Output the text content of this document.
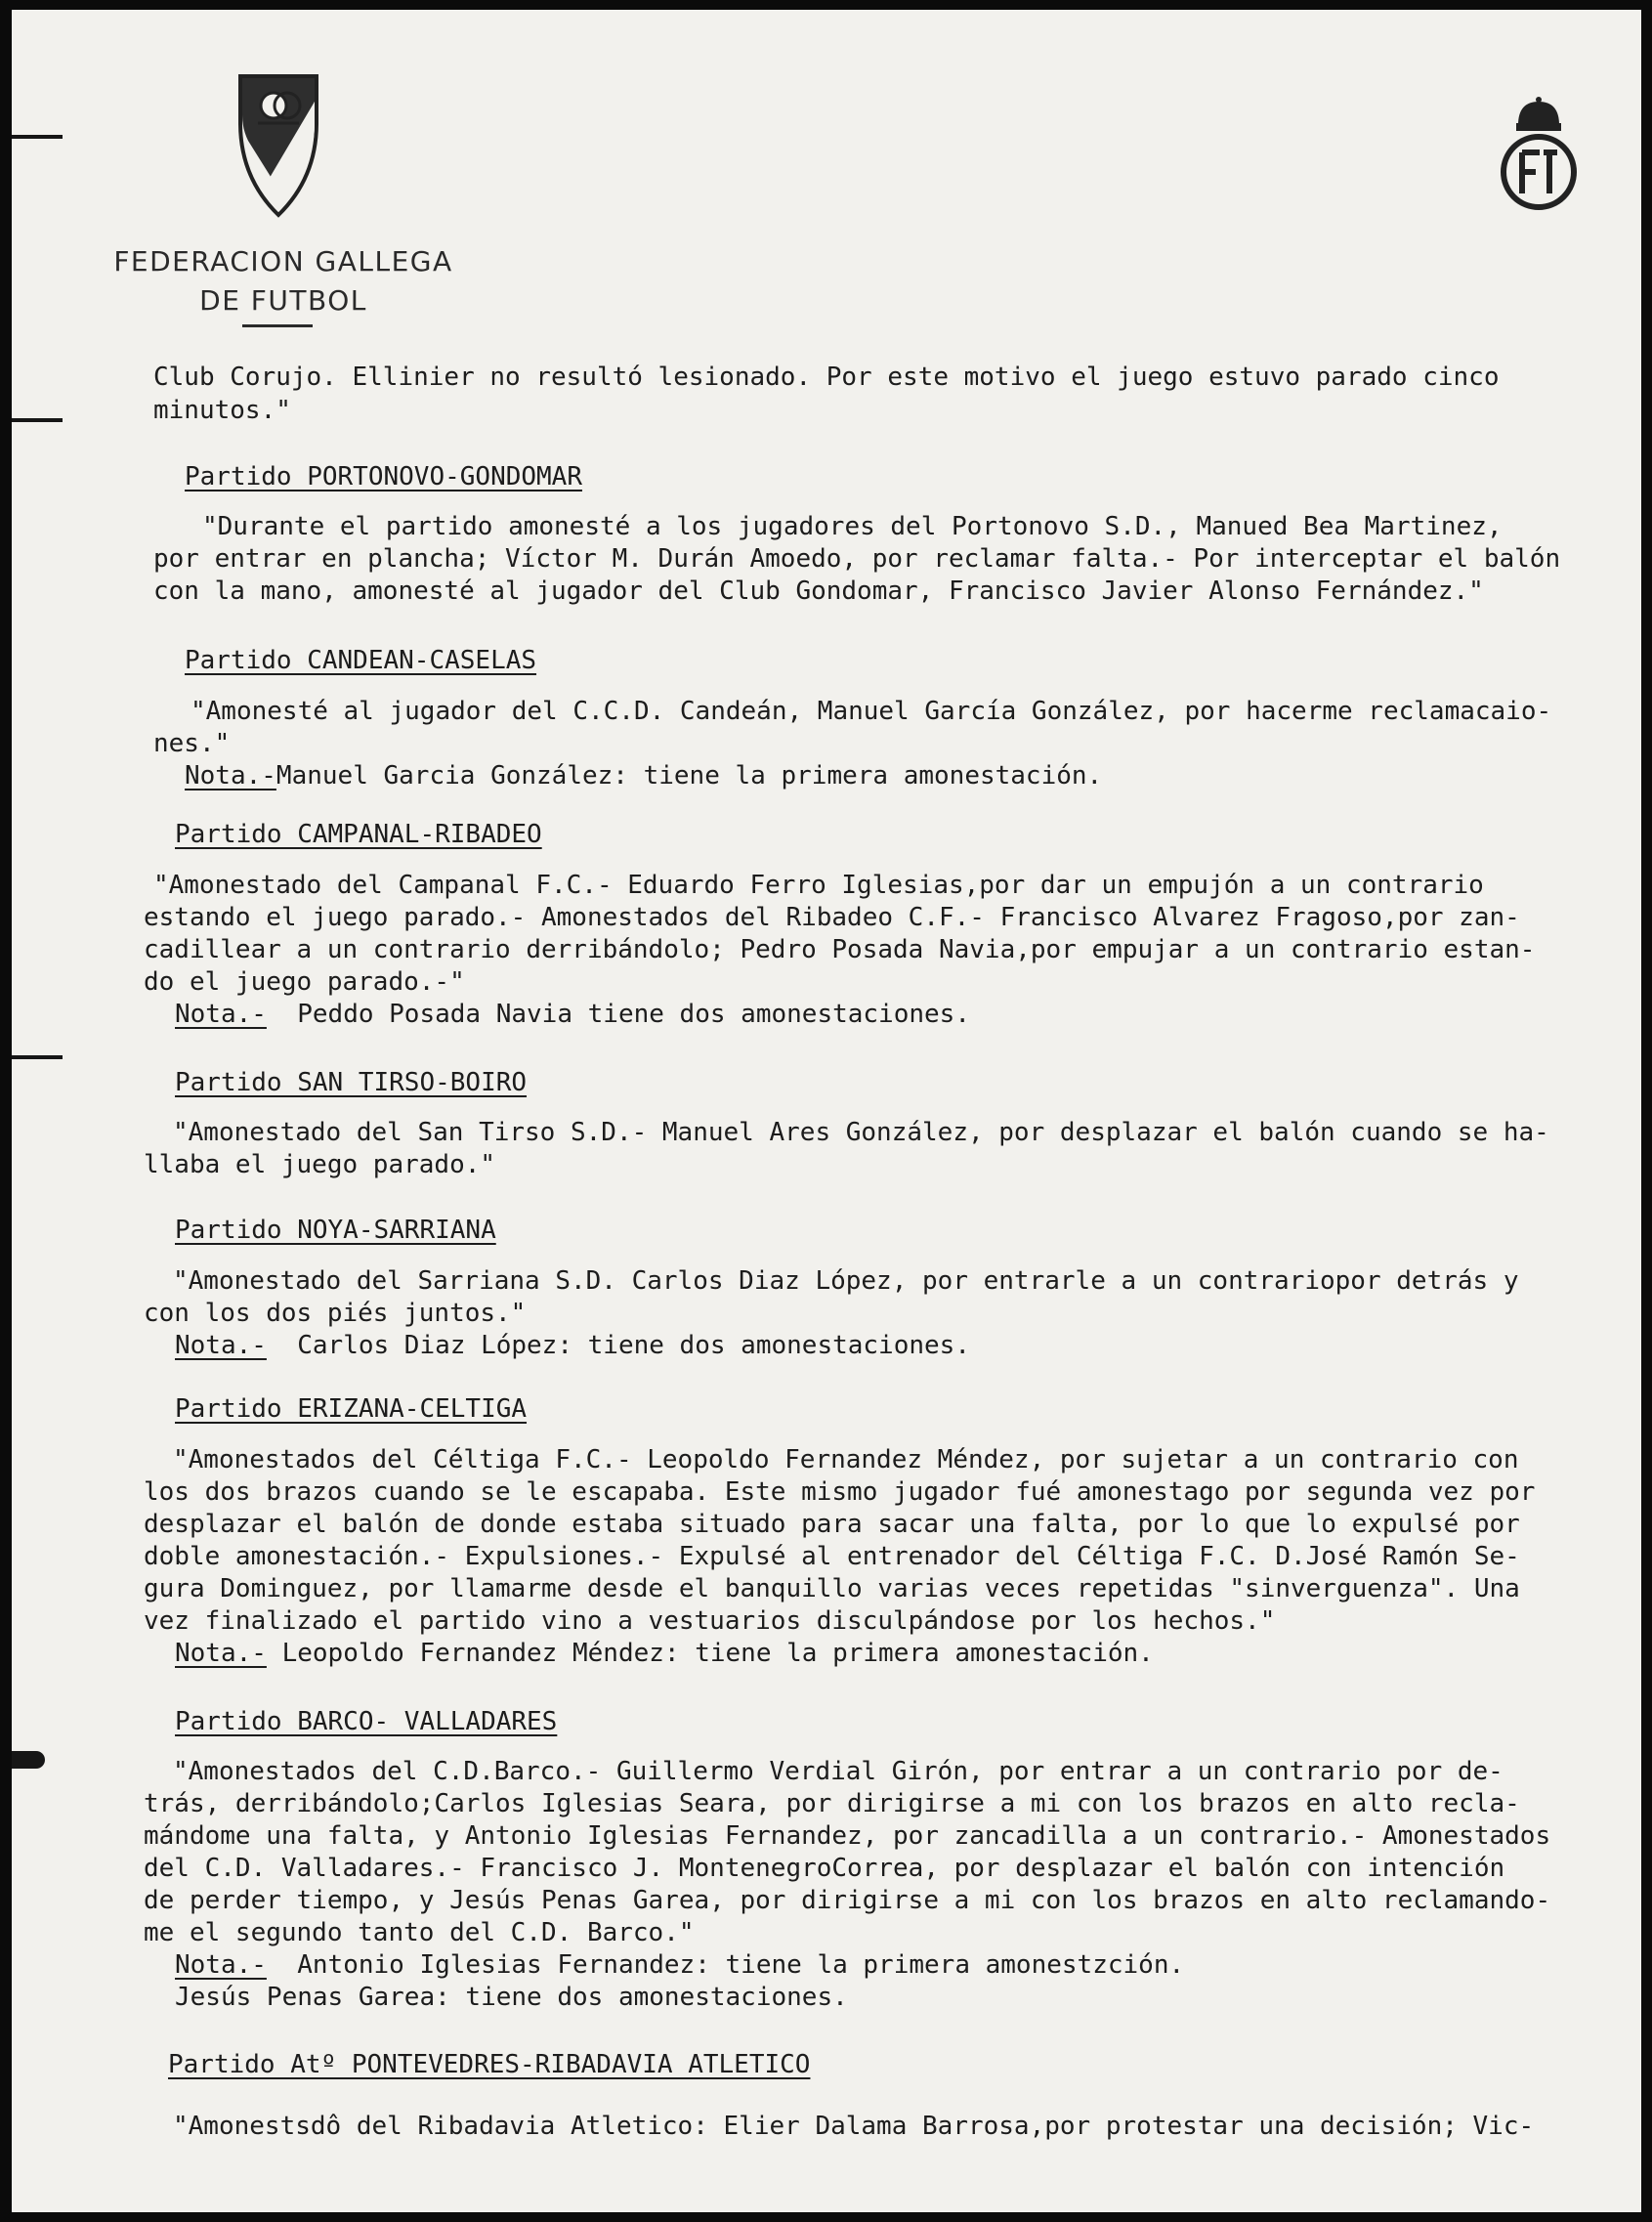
FEDERACION GALLEGA
DE FUTBOL

Club Corujo. Ellinier no resultó lesionado. Por este motivo el juego estuvo parado cinco

minutos."

Partido PORTONOVO-GONDOMAR

"Durante el partido amonesté a los jugadores del Portonovo S.D., Manued Bea Martinez,

por entrar en plancha; Víctor M. Durán Amoedo, por reclamar falta.- Por interceptar el balón

con la mano, amonesté al jugador del Club Gondomar, Francisco Javier Alonso Fernández."

Partido CANDEAN-CASELAS

"Amonesté al jugador del C.C.D. Candeán, Manuel García González, por hacerme reclamacaio-

nes."

Nota.-Manuel Garcia González: tiene la primera amonestación.

Partido CAMPANAL-RIBADEO

"Amonestado del Campanal F.C.- Eduardo Ferro Iglesias,por dar un empujón a un contrario

estando el juego parado.- Amonestados del Ribadeo C.F.- Francisco Alvarez Fragoso,por zan-

cadillear a un contrario derribándolo; Pedro Posada Navia,por empujar a un contrario estan-

do el juego parado.-"

Nota.-  Peddo Posada Navia tiene dos amonestaciones.

Partido SAN TIRSO-BOIRO

"Amonestado del San Tirso S.D.- Manuel Ares González, por desplazar el balón cuando se ha-

llaba el juego parado."

Partido NOYA-SARRIANA

"Amonestado del Sarriana S.D. Carlos Diaz López, por entrarle a un contrariopor detrás y

con los dos piés juntos."

Nota.-  Carlos Diaz López: tiene dos amonestaciones.

Partido ERIZANA-CELTIGA

"Amonestados del Céltiga F.C.- Leopoldo Fernandez Méndez, por sujetar a un contrario con

los dos brazos cuando se le escapaba. Este mismo jugador fué amonestago por segunda vez por

desplazar el balón de donde estaba situado para sacar una falta, por lo que lo expulsé por

doble amonestación.- Expulsiones.- Expulsé al entrenador del Céltiga F.C. D.José Ramón Se-

gura Dominguez, por llamarme desde el banquillo varias veces repetidas "sinverguenza". Una

vez finalizado el partido vino a vestuarios disculpándose por los hechos."

Nota.- Leopoldo Fernandez Méndez: tiene la primera amonestación.

Partido BARCO- VALLADARES

"Amonestados del C.D.Barco.- Guillermo Verdial Girón, por entrar a un contrario por de-

trás, derribándolo;Carlos Iglesias Seara, por dirigirse a mi con los brazos en alto recla-

mándome una falta, y Antonio Iglesias Fernandez, por zancadilla a un contrario.- Amonestados

del C.D. Valladares.- Francisco J. MontenegroCorrea, por desplazar el balón con intención

de perder tiempo, y Jesús Penas Garea, por dirigirse a mi con los brazos en alto reclamando-

me el segundo tanto del C.D. Barco."

Nota.-  Antonio Iglesias Fernandez: tiene la primera amonestzción.

Jesús Penas Garea: tiene dos amonestaciones.

Partido Atº PONTEVEDRES-RIBADAVIA ATLETICO

"Amonestsdô del Ribadavia Atletico: Elier Dalama Barrosa,por protestar una decisión; Vic-
